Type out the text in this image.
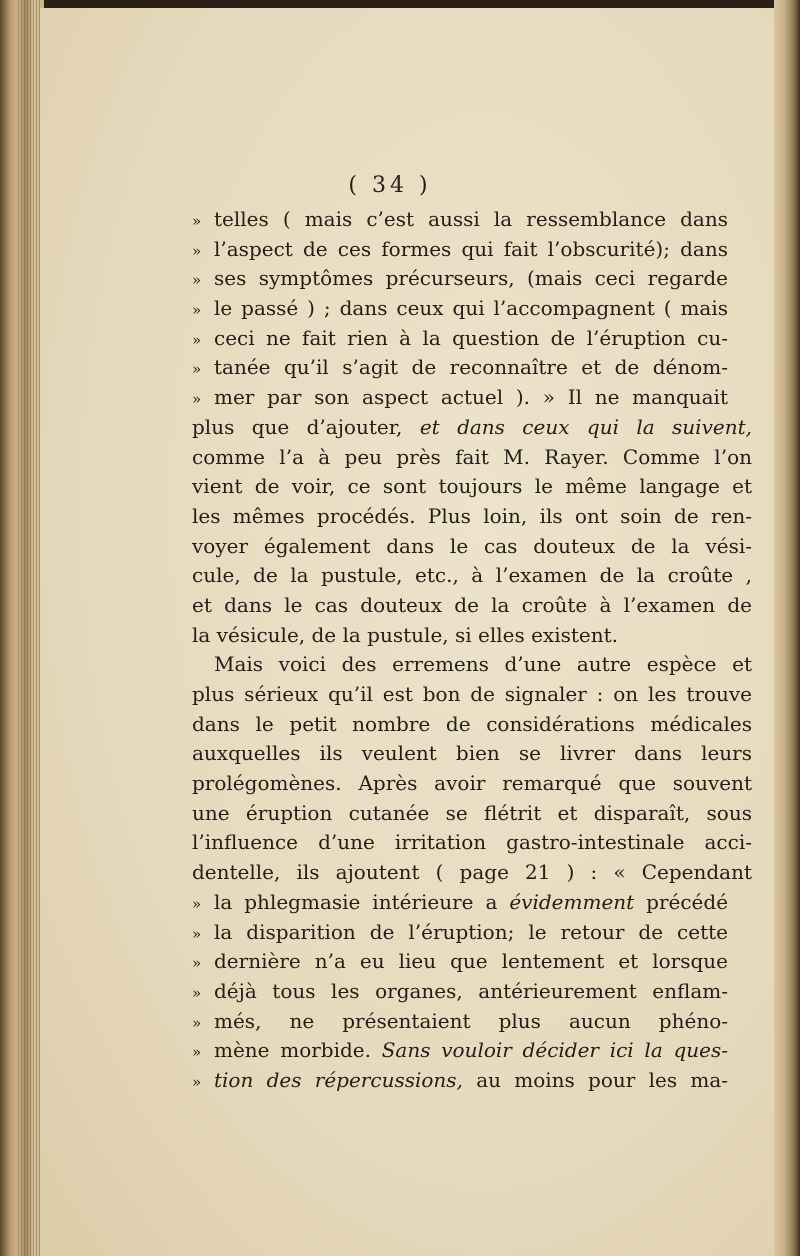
( 34 )
» telles ( mais c’est aussi la ressemblance dans
» l’aspect de ces formes qui fait l’obscurité); dans
» ses symptômes précurseurs, (mais ceci regarde
» le passé ) ; dans ceux qui l’accompagnent ( mais
» ceci ne fait rien à la question de l’éruption cu-
» tanée qu’il s’agit de reconnaître et de dénom-
» mer par son aspect actuel ). » Il ne manquait
plus que d’ajouter, et dans ceux qui la suivent,
comme l’a à peu près fait M. Rayer. Comme l’on
vient de voir, ce sont toujours le même langage et
les mêmes procédés. Plus loin, ils ont soin de ren-
voyer également dans le cas douteux de la vési-
cule, de la pustule, etc., à l’examen de la croûte ,
et dans le cas douteux de la croûte à l’examen de
la vésicule, de la pustule, si elles existent.
Mais voici des erremens d’une autre espèce et
plus sérieux qu’il est bon de signaler : on les trouve
dans le petit nombre de considérations médicales
auxquelles ils veulent bien se livrer dans leurs
prolégomènes. Après avoir remarqué que souvent
une éruption cutanée se flétrit et disparaît, sous
l’influence d’une irritation gastro-intestinale acci-
dentelle, ils ajoutent ( page 21 ) : « Cependant
» la phlegmasie intérieure a évidemment précédé
» la disparition de l’éruption; le retour de cette
» dernière n’a eu lieu que lentement et lorsque
» déjà tous les organes, antérieurement enflam-
» més, ne présentaient plus aucun phéno-
» mène morbide. Sans vouloir décider ici la ques-
» tion des répercussions, au moins pour les ma-
